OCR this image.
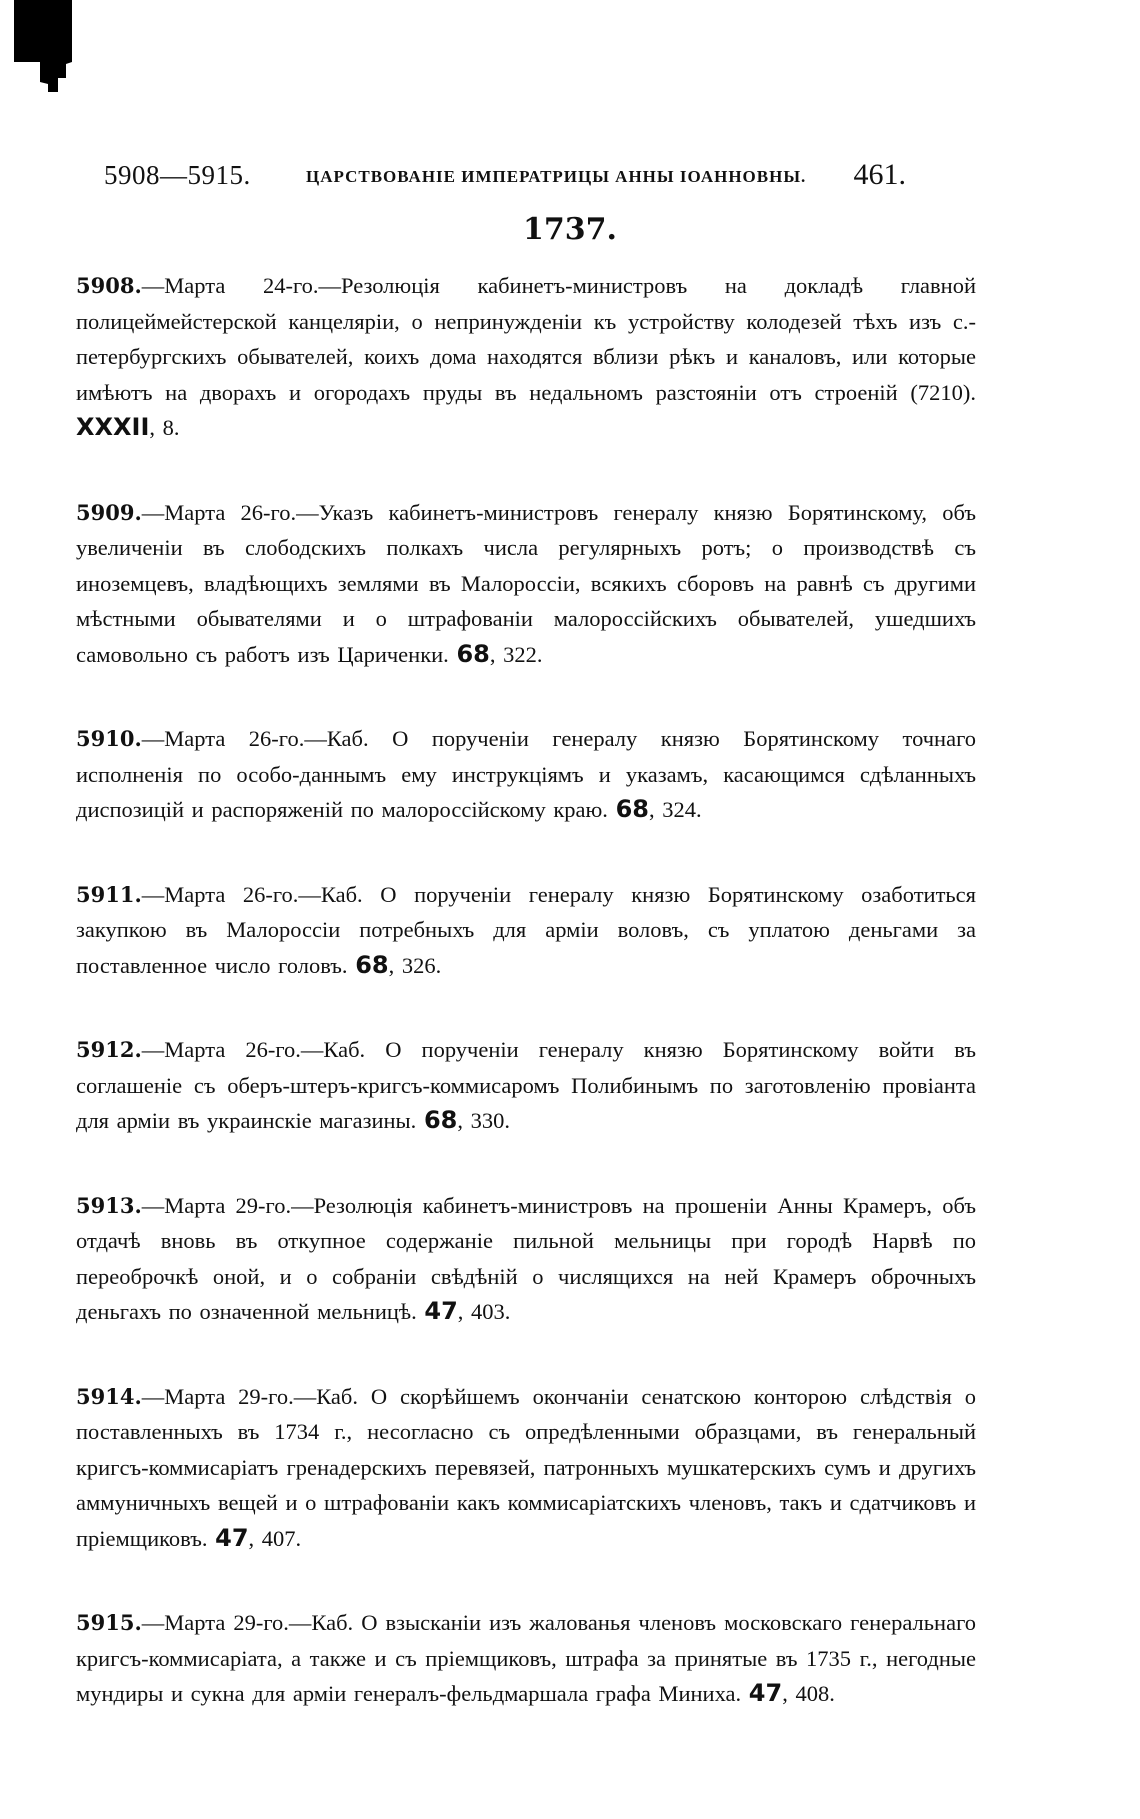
5908—5915.	ЦАРСТВОВАНІЕ ИМПЕРАТРИЦЫ АННЫ ІОАННОВНЫ. 461.
1737.

5908.—Марта 24-го.—Резолюція кабинетъ-министровъ на докладѣ главной полицеймейстерской канцеляріи, о непринужденіи къ устройству колодезей тѣхъ изъ с.-петербургскихъ обывателей, коихъ дома находятся вблизи рѣкъ и каналовъ, или которые имѣютъ на дворахъ и огородахъ пруды въ недальномъ разстояніи отъ строеній (7210). XXXII, 8.

5909.—Марта 26-го.—Указъ кабинетъ-министровъ генералу князю Борятинскому, объ увеличеніи въ слободскихъ полкахъ числа регулярныхъ ротъ; о производствѣ съ иноземцевъ, владѣющихъ землями въ Малороссіи, всякихъ сборовъ на равнѣ съ другими мѣстными обывателями и о штрафованіи малороссійскихъ обывателей, ушедшихъ самовольно съ работъ изъ Цариченки. 68, 322.

5910.—Марта 26-го.—Каб. О порученіи генералу князю Борятинскому точнаго исполненія по особо-даннымъ ему инструкціямъ и указамъ, касающимся сдѣланныхъ диспозицій и распоряженій по малороссійскому краю. 68, 324.

5911.—Марта 26-го.—Каб. О порученіи генералу князю Борятинскому озаботиться закупкою въ Малороссіи потребныхъ для арміи воловъ, съ уплатою деньгами за поставленное число головъ. 68, 326.

5912.—Марта 26-го.—Каб. О порученіи генералу князю Борятинскому войти въ соглашеніе съ оберъ-штеръ-кригсъ-коммисаромъ Полибинымъ по заготовленію провіанта для арміи въ украинскіе магазины. 68, 330.

5913.—Марта 29-го.—Резолюція кабинетъ-министровъ на прошеніи Анны Крамеръ, объ отдачѣ вновь въ откупное содержаніе пильной мельницы при городѣ Нарвѣ по переоброчкѣ оной, и о собраніи свѣдѣній о числящихся на ней Крамеръ оброчныхъ деньгахъ по означенной мельницѣ. 47, 403.

5914.—Марта 29-го.—Каб. О скорѣйшемъ окончаніи сенатскою конторою слѣдствія о поставленныхъ въ 1734 г., несогласно съ опредѣленными образцами, въ генеральный кригсъ-коммисаріатъ гренадерскихъ перевязей, патронныхъ мушкатерскихъ сумъ и другихъ аммуничныхъ вещей и о штрафованіи какъ коммисаріатскихъ членовъ, такъ и сдатчиковъ и пріемщиковъ. 47, 407.

5915.—Марта 29-го.—Каб. О взысканіи изъ жалованья членовъ московскаго генеральнаго кригсъ-коммисаріата, а также и съ пріемщиковъ, штрафа за принятые въ 1735 г., негодные мундиры и сукна для арміи генералъ-фельдмаршала графа Миниха. 47, 408.
